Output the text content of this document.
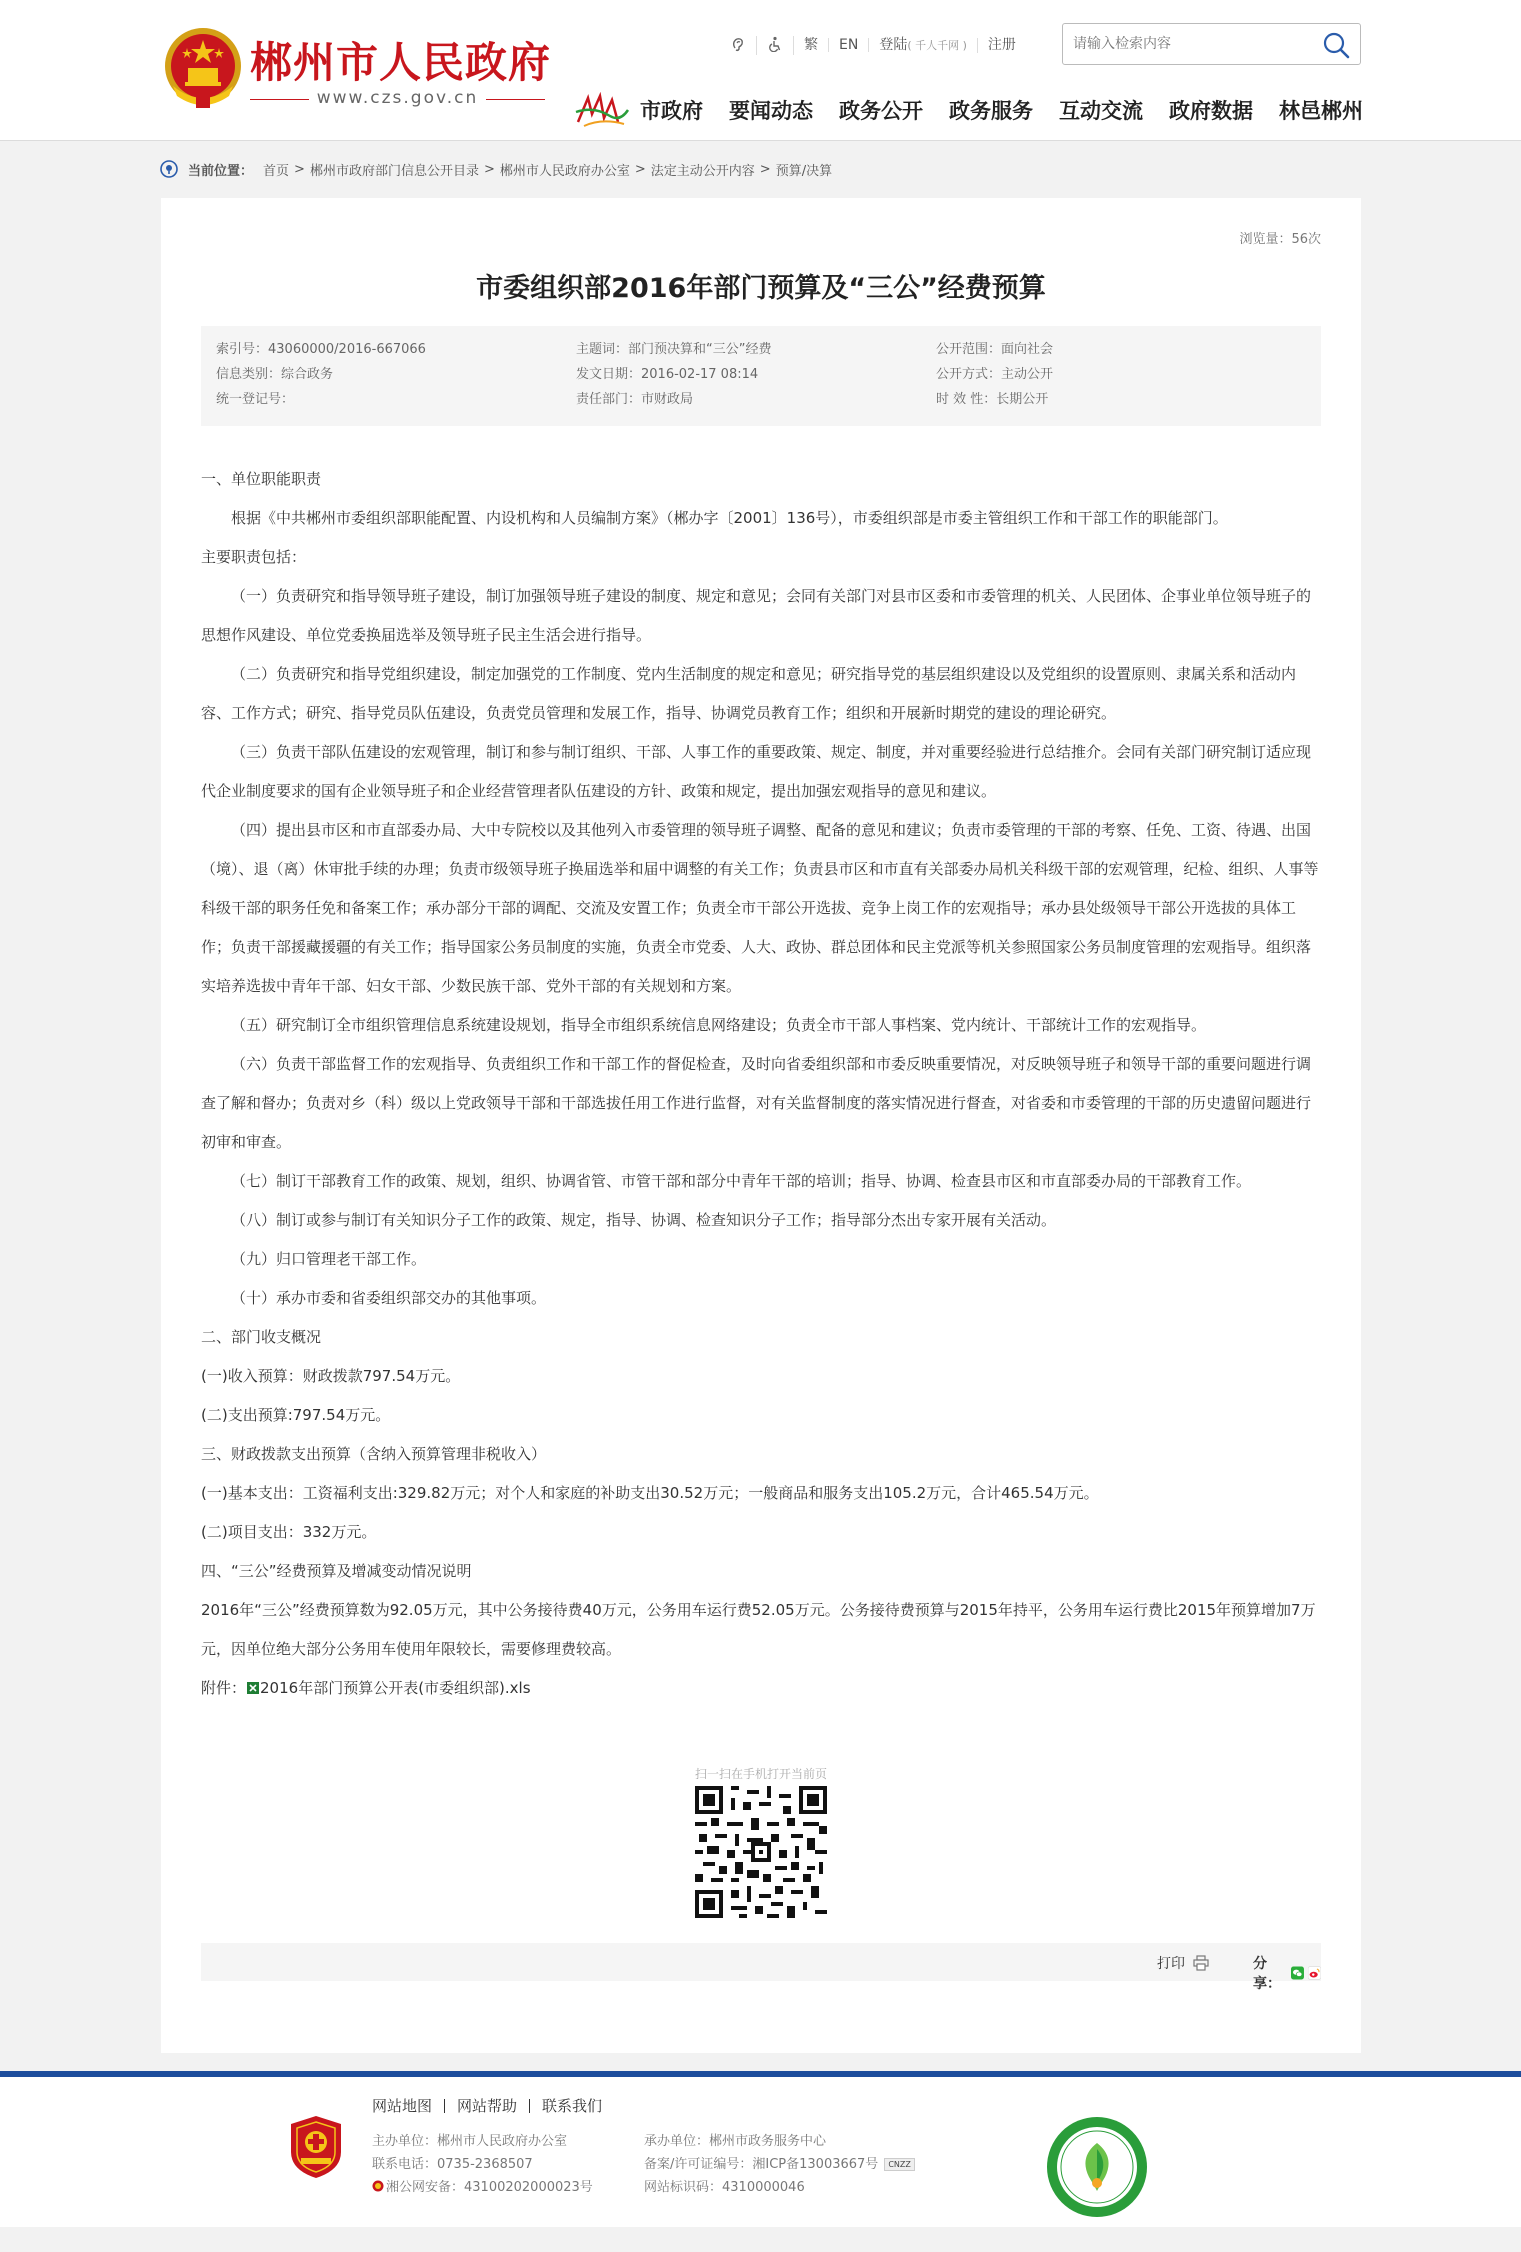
郴州市人民政府
www.czs.gov.cn
繁	EN	登陆( 千人千网 )	注册
请输入检索内容
市政府 要闻动态 政务公开 政务服务 互动交流 政府数据 林邑郴州
当前位置： 首页 > 郴州市政府部门信息公开目录 > 郴州市人民政府办公室 > 法定主动公开内容 > 预算/决算
浏览量：56次
市委组织部2016年部门预算及“三公”经费预算
索引号：43060000/2016-667066	主题词：部门预决算和“三公”经费	公开范围：面向社会
信息类别：综合政务	发文日期：2016-02-17 08:14	公开方式：主动公开
统一登记号：	责任部门：市财政局	时 效 性：长期公开

一、单位职能职责

根据《中共郴州市委组织部职能配置、内设机构和人员编制方案》（郴办字〔2001〕136号），市委组织部是市委主管组织工作和干部工作的职能部门。

主要职责包括：

（一）负责研究和指导领导班子建设，制订加强领导班子建设的制度、规定和意见；会同有关部门对县市区委和市委管理的机关、人民团体、企事业单位领导班子的思想作风建设、单位党委换届选举及领导班子民主生活会进行指导。

（二）负责研究和指导党组织建设，制定加强党的工作制度、党内生活制度的规定和意见；研究指导党的基层组织建设以及党组织的设置原则、隶属关系和活动内容、工作方式；研究、指导党员队伍建设，负责党员管理和发展工作，指导、协调党员教育工作；组织和开展新时期党的建设的理论研究。

（三）负责干部队伍建设的宏观管理，制订和参与制订组织、干部、人事工作的重要政策、规定、制度，并对重要经验进行总结推介。会同有关部门研究制订适应现代企业制度要求的国有企业领导班子和企业经营管理者队伍建设的方针、政策和规定，提出加强宏观指导的意见和建议。

（四）提出县市区和市直部委办局、大中专院校以及其他列入市委管理的领导班子调整、配备的意见和建议；负责市委管理的干部的考察、任免、工资、待遇、出国（境）、退（离）休审批手续的办理；负责市级领导班子换届选举和届中调整的有关工作；负责县市区和市直有关部委办局机关科级干部的宏观管理，纪检、组织、人事等科级干部的职务任免和备案工作；承办部分干部的调配、交流及安置工作；负责全市干部公开选拔、竞争上岗工作的宏观指导；承办县处级领导干部公开选拔的具体工作；负责干部援藏援疆的有关工作；指导国家公务员制度的实施，负责全市党委、人大、政协、群总团体和民主党派等机关参照国家公务员制度管理的宏观指导。组织落实培养选拔中青年干部、妇女干部、少数民族干部、党外干部的有关规划和方案。

（五）研究制订全市组织管理信息系统建设规划，指导全市组织系统信息网络建设；负责全市干部人事档案、党内统计、干部统计工作的宏观指导。

（六）负责干部监督工作的宏观指导、负责组织工作和干部工作的督促检查，及时向省委组织部和市委反映重要情况，对反映领导班子和领导干部的重要问题进行调查了解和督办；负责对乡（科）级以上党政领导干部和干部选拔任用工作进行监督，对有关监督制度的落实情况进行督查，对省委和市委管理的干部的历史遗留问题进行初审和审查。

（七）制订干部教育工作的政策、规划，组织、协调省管、市管干部和部分中青年干部的培训；指导、协调、检查县市区和市直部委办局的干部教育工作。

（八）制订或参与制订有关知识分子工作的政策、规定，指导、协调、检查知识分子工作；指导部分杰出专家开展有关活动。

（九）归口管理老干部工作。

（十）承办市委和省委组织部交办的其他事项。

二、部门收支概况

(一)收入预算：财政拨款797.54万元。

(二)支出预算:797.54万元。

三、财政拨款支出预算（含纳入预算管理非税收入）

(一)基本支出：工资福利支出:329.82万元；对个人和家庭的补助支出30.52万元；一般商品和服务支出105.2万元，合计465.54万元。

(二)项目支出：332万元。

四、“三公”经费预算及增减变动情况说明

2016年“三公”经费预算数为92.05万元，其中公务接待费40万元，公务用车运行费52.05万元。公务接待费预算与2015年持平，公务用车运行费比2015年预算增加7万元，因单位绝大部分公务用车使用年限较长，需要修理费较高。

附件： 2016年部门预算公开表(市委组织部).xls

扫一扫在手机打开当前页
打印	分享：
网站地图	网站帮助	联系我们
主办单位：郴州市人民政府办公室	承办单位：郴州市政务服务中心
联系电话：0735-2368507	备案/许可证编号：湘ICP备13003667号 CNZZ
湘公网安备：43100202000023号	网站标识码：4310000046
